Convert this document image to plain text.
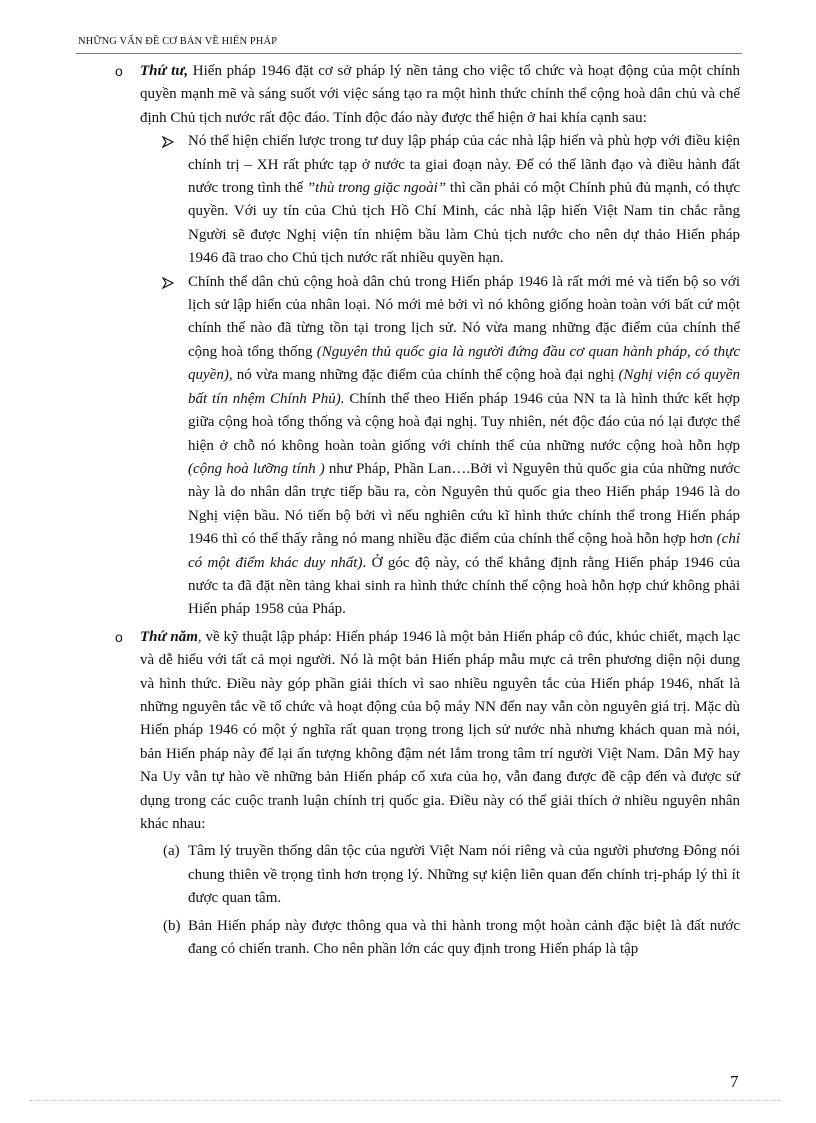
NHỮNG VẤN ĐỀ CƠ BẢN VỀ HIẾN PHÁP
o Thứ tư, Hiến pháp 1946 đặt cơ sở pháp lý nền tảng cho việc tổ chức và hoạt động của một chính quyền mạnh mẽ và sáng suốt với việc sáng tạo ra một hình thức chính thể cộng hoà dân chủ và chế định Chủ tịch nước rất độc đáo. Tính độc đáo này được thể hiện ở hai khía cạnh sau:
Nó thể hiện chiến lược trong tư duy lập pháp của các nhà lập hiến và phù hợp với điều kiện chính trị – XH rất phức tạp ở nước ta giai đoạn này. Để có thể lãnh đạo và điều hành đất nước trong tình thế ”thù trong giặc ngoài” thì cần phải có một Chính phủ đủ mạnh, có thực quyền. Với uy tín của Chủ tịch Hồ Chí Minh, các nhà lập hiến Việt Nam tin chắc rằng Người sẽ được Nghị viện tín nhiệm bầu làm Chủ tịch nước cho nên dự thảo Hiến pháp 1946 đã trao cho Chủ tịch nước rất nhiều quyền hạn.
Chính thể dân chủ cộng hoà dân chủ trong Hiến pháp 1946 là rất mới mẻ và tiến bộ so với lịch sử lập hiến của nhân loại. Nó mới mẻ bởi vì nó không giống hoàn toàn với bất cứ một chính thể nào đã từng tồn tại trong lịch sử. Nó vừa mang những đặc điểm của chính thể cộng hoà tổng thống (Nguyên thủ quốc gia là người đứng đầu cơ quan hành pháp, có thực quyền), nó vừa mang những đặc điểm của chính thể cộng hoà đại nghị (Nghị viện có quyền bất tín nhệm Chính Phủ). Chính thể theo Hiến pháp 1946 của NN ta là hình thức kết hợp giữa cộng hoà tổng thống và cộng hoà đại nghị. Tuy nhiên, nét độc đáo của nó lại được thể hiện ở chỗ nó không hoàn toàn giống với chính thể của những nước cộng hoà hỗn hợp (cộng hoà lưỡng tính ) như Pháp, Phần Lan….Bởi vì Nguyên thủ quốc gia của những nước này là do nhân dân trực tiếp bầu ra, còn Nguyên thủ quốc gia theo Hiến pháp 1946 là do Nghị viện bầu. Nó tiến bộ bởi vì nếu nghiên cứu kĩ hình thức chính thể trong Hiến pháp 1946 thì có thể thấy rằng nó mang nhiều đặc điểm của chính thể cộng hoà hỗn hợp hơn (chỉ có một điểm khác duy nhất). Ở góc độ này, có thể khẳng định rằng Hiến pháp 1946 của nước ta đã đặt nền tảng khai sinh ra hình thức chính thể cộng hoà hỗn hợp chứ không phải Hiến pháp 1958 của Pháp.
o Thứ năm, về kỹ thuật lập pháp: Hiến pháp 1946 là một bản Hiến pháp cô đúc, khúc chiết, mạch lạc và dễ hiểu với tất cả mọi người. Nó là một bản Hiến pháp mẫu mực cả trên phương diện nội dung và hình thức. Điều này góp phần giải thích vì sao nhiều nguyên tắc của Hiến pháp 1946, nhất là những nguyên tắc về tổ chức và hoạt động của bộ máy NN đến nay vẫn còn nguyên giá trị. Mặc dù Hiến pháp 1946 có một ý nghĩa rất quan trọng trong lịch sử nước nhà nhưng khách quan mà nói, bản Hiến pháp này để lại ấn tượng không đậm nét lắm trong tâm trí người Việt Nam. Dân Mỹ hay Na Uy vẫn tự hào về những bản Hiến pháp cổ xưa của họ, vẫn đang được đề cập đến và được sử dụng trong các cuộc tranh luận chính trị quốc gia. Điều này có thể giải thích ở nhiều nguyên nhân khác nhau:
(a) Tâm lý truyền thống dân tộc của người Việt Nam nói riêng và của người phương Đông nói chung thiên về trọng tình hơn trọng lý. Những sự kiện liên quan đến chính trị-pháp lý thì ít được quan tâm.
(b) Bản Hiến pháp này được thông qua và thi hành trong một hoàn cảnh đặc biệt là đất nước đang có chiến tranh. Cho nên phần lớn các quy định trong Hiến pháp là tập
7
